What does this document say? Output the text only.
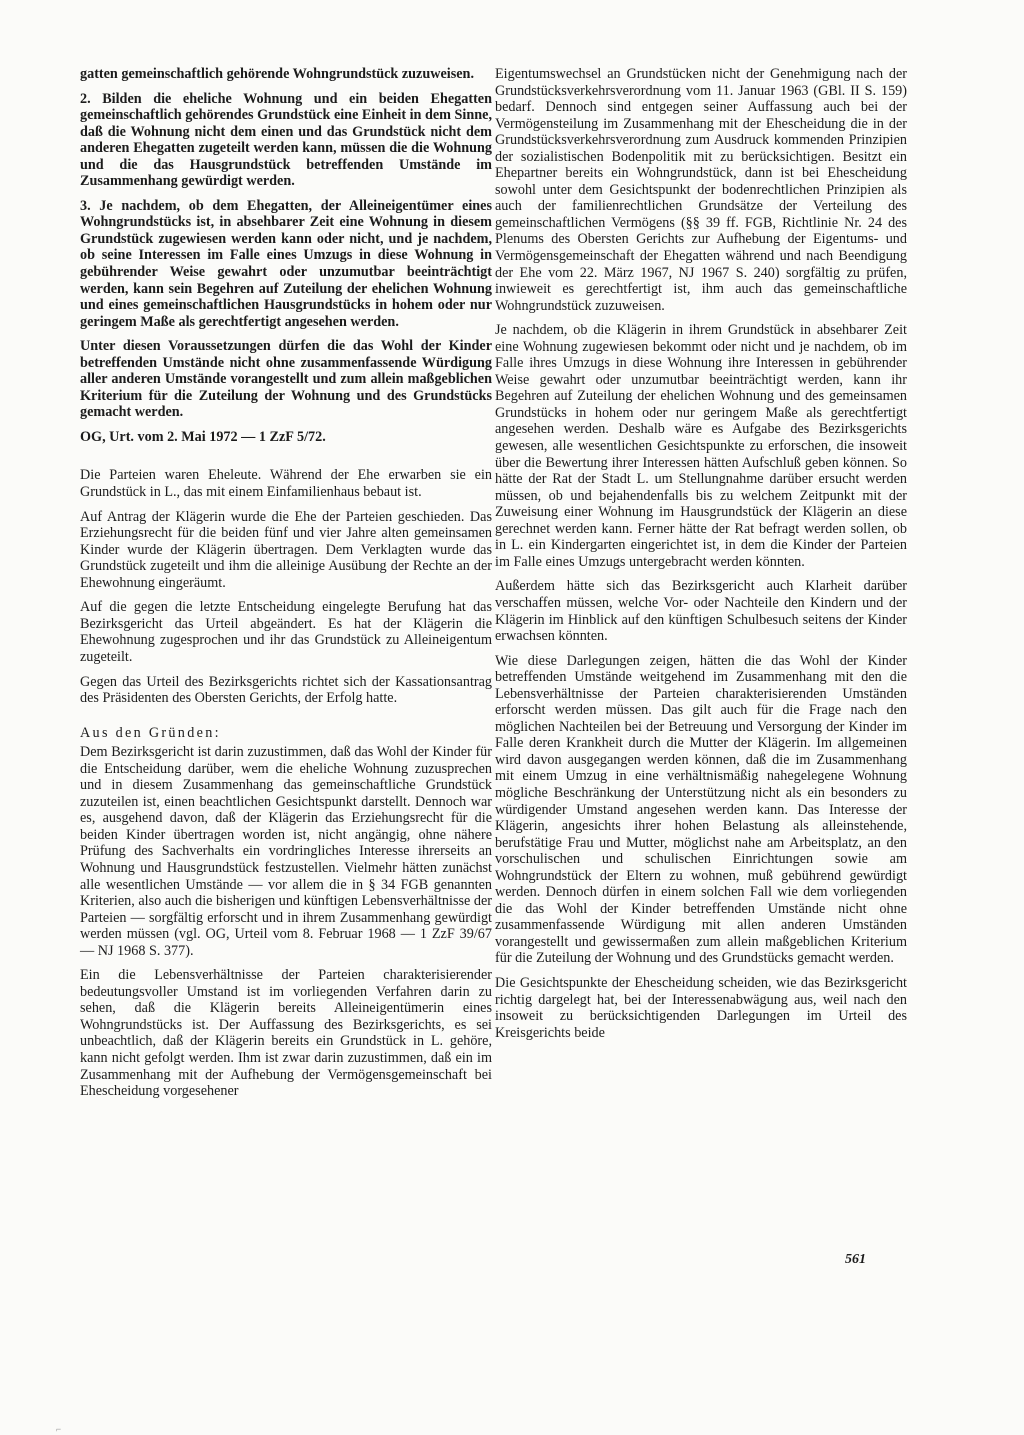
gatten gemeinschaftlich gehörende Wohngrundstück zuzuweisen.

2. Bilden die eheliche Wohnung und ein beiden Ehegatten gemeinschaftlich gehörendes Grundstück eine Einheit in dem Sinne, daß die Wohnung nicht dem einen und das Grundstück nicht dem anderen Ehegatten zugeteilt werden kann, müssen die die Wohnung und die das Hausgrundstück betreffenden Umstände im Zusammenhang gewürdigt werden.

3. Je nachdem, ob dem Ehegatten, der Alleineigentümer eines Wohngrundstücks ist, in absehbarer Zeit eine Wohnung in diesem Grundstück zugewiesen werden kann oder nicht, und je nachdem, ob seine Interessen im Falle eines Umzugs in diese Wohnung in gebührender Weise gewahrt oder unzumutbar beeinträchtigt werden, kann sein Begehren auf Zuteilung der ehelichen Wohnung und eines gemeinschaftlichen Hausgrundstücks in hohem oder nur geringem Maße als gerechtfertigt angesehen werden.

Unter diesen Voraussetzungen dürfen die das Wohl der Kinder betreffenden Umstände nicht ohne zusammenfassende Würdigung aller anderen Umstände vorangestellt und zum allein maßgeblichen Kriterium für die Zuteilung der Wohnung und des Grundstücks gemacht werden.

OG, Urt. vom 2. Mai 1972 — 1 ZzF 5/72.

Die Parteien waren Eheleute. Während der Ehe erwarben sie ein Grundstück in L., das mit einem Einfamilienhaus bebaut ist.

Auf Antrag der Klägerin wurde die Ehe der Parteien geschieden. Das Erziehungsrecht für die beiden fünf und vier Jahre alten gemeinsamen Kinder wurde der Klägerin übertragen. Dem Verklagten wurde das Grundstück zugeteilt und ihm die alleinige Ausübung der Rechte an der Ehewohnung eingeräumt.

Auf die gegen die letzte Entscheidung eingelegte Berufung hat das Bezirksgericht das Urteil abgeändert. Es hat der Klägerin die Ehewohnung zugesprochen und ihr das Grundstück zu Alleineigentum zugeteilt.

Gegen das Urteil des Bezirksgerichts richtet sich der Kassationsantrag des Präsidenten des Obersten Gerichts, der Erfolg hatte.

Aus den Gründen:

Dem Bezirksgericht ist darin zuzustimmen, daß das Wohl der Kinder für die Entscheidung darüber, wem die eheliche Wohnung zuzusprechen und in diesem Zusammenhang das gemeinschaftliche Grundstück zuzuteilen ist, einen beachtlichen Gesichtspunkt darstellt. Dennoch war es, ausgehend davon, daß der Klägerin das Erziehungsrecht für die beiden Kinder übertragen worden ist, nicht angängig, ohne nähere Prüfung des Sachverhalts ein vordringliches Interesse ihrerseits an Wohnung und Hausgrundstück festzustellen. Vielmehr hätten zunächst alle wesentlichen Umstände — vor allem die in § 34 FGB genannten Kriterien, also auch die bisherigen und künftigen Lebensverhältnisse der Parteien — sorgfältig erforscht und in ihrem Zusammenhang gewürdigt werden müssen (vgl. OG, Urteil vom 8. Februar 1968 — 1 ZzF 39/67 — NJ 1968 S. 377).

Ein die Lebensverhältnisse der Parteien charakterisierender bedeutungsvoller Umstand ist im vorliegenden Verfahren darin zu sehen, daß die Klägerin bereits Alleineigentümerin eines Wohngrundstücks ist. Der Auffassung des Bezirksgerichts, es sei unbeachtlich, daß der Klägerin bereits ein Grundstück in L. gehöre, kann nicht gefolgt werden. Ihm ist zwar darin zuzustimmen, daß ein im Zusammenhang mit der Aufhebung der Vermögensgemeinschaft bei Ehescheidung vorgesehener

Eigentumswechsel an Grundstücken nicht der Genehmigung nach der Grundstücksverkehrsverordnung vom 11. Januar 1963 (GBl. II S. 159) bedarf. Dennoch sind entgegen seiner Auffassung auch bei der Vermögensteilung im Zusammenhang mit der Ehescheidung die in der Grundstücksverkehrsverordnung zum Ausdruck kommenden Prinzipien der sozialistischen Bodenpolitik mit zu berücksichtigen. Besitzt ein Ehepartner bereits ein Wohngrundstück, dann ist bei Ehescheidung sowohl unter dem Gesichtspunkt der bodenrechtlichen Prinzipien als auch der familienrechtlichen Grundsätze der Verteilung des gemeinschaftlichen Vermögens (§§ 39 ff. FGB, Richtlinie Nr. 24 des Plenums des Obersten Gerichts zur Aufhebung der Eigentums- und Vermögensgemeinschaft der Ehegatten während und nach Beendigung der Ehe vom 22. März 1967, NJ 1967 S. 240) sorgfältig zu prüfen, inwieweit es gerechtfertigt ist, ihm auch das gemeinschaftliche Wohngrundstück zuzuweisen.

Je nachdem, ob die Klägerin in ihrem Grundstück in absehbarer Zeit eine Wohnung zugewiesen bekommt oder nicht und je nachdem, ob im Falle ihres Umzugs in diese Wohnung ihre Interessen in gebührender Weise gewahrt oder unzumutbar beeinträchtigt werden, kann ihr Begehren auf Zuteilung der ehelichen Wohnung und des gemeinsamen Grundstücks in hohem oder nur geringem Maße als gerechtfertigt angesehen werden. Deshalb wäre es Aufgabe des Bezirksgerichts gewesen, alle wesentlichen Gesichtspunkte zu erforschen, die insoweit über die Bewertung ihrer Interessen hätten Aufschluß geben können. So hätte der Rat der Stadt L. um Stellungnahme darüber ersucht werden müssen, ob und bejahendenfalls bis zu welchem Zeitpunkt mit der Zuweisung einer Wohnung im Hausgrundstück der Klägerin an diese gerechnet werden kann. Ferner hätte der Rat befragt werden sollen, ob in L. ein Kindergarten eingerichtet ist, in dem die Kinder der Parteien im Falle eines Umzugs untergebracht werden könnten.

Außerdem hätte sich das Bezirksgericht auch Klarheit darüber verschaffen müssen, welche Vor- oder Nachteile den Kindern und der Klägerin im Hinblick auf den künftigen Schulbesuch seitens der Kinder erwachsen könnten.

Wie diese Darlegungen zeigen, hätten die das Wohl der Kinder betreffenden Umstände weitgehend im Zusammenhang mit den die Lebensverhältnisse der Parteien charakterisierenden Umständen erforscht werden müssen. Das gilt auch für die Frage nach den möglichen Nachteilen bei der Betreuung und Versorgung der Kinder im Falle deren Krankheit durch die Mutter der Klägerin. Im allgemeinen wird davon ausgegangen werden können, daß die im Zusammenhang mit einem Umzug in eine verhältnismäßig nahegelegene Wohnung mögliche Beschränkung der Unterstützung nicht als ein besonders zu würdigender Umstand angesehen werden kann. Das Interesse der Klägerin, angesichts ihrer hohen Belastung als alleinstehende, berufstätige Frau und Mutter, möglichst nahe am Arbeitsplatz, an den vorschulischen und schulischen Einrichtungen sowie am Wohngrundstück der Eltern zu wohnen, muß gebührend gewürdigt werden. Dennoch dürfen in einem solchen Fall wie dem vorliegenden die das Wohl der Kinder betreffenden Umstände nicht ohne zusammenfassende Würdigung mit allen anderen Umständen vorangestellt und gewissermaßen zum allein maßgeblichen Kriterium für die Zuteilung der Wohnung und des Grundstücks gemacht werden.

Die Gesichtspunkte der Ehescheidung scheiden, wie das Bezirksgericht richtig dargelegt hat, bei der Interessenabwägung aus, weil nach den insoweit zu berücksichtigenden Darlegungen im Urteil des Kreisgerichts beide

561
⌐
